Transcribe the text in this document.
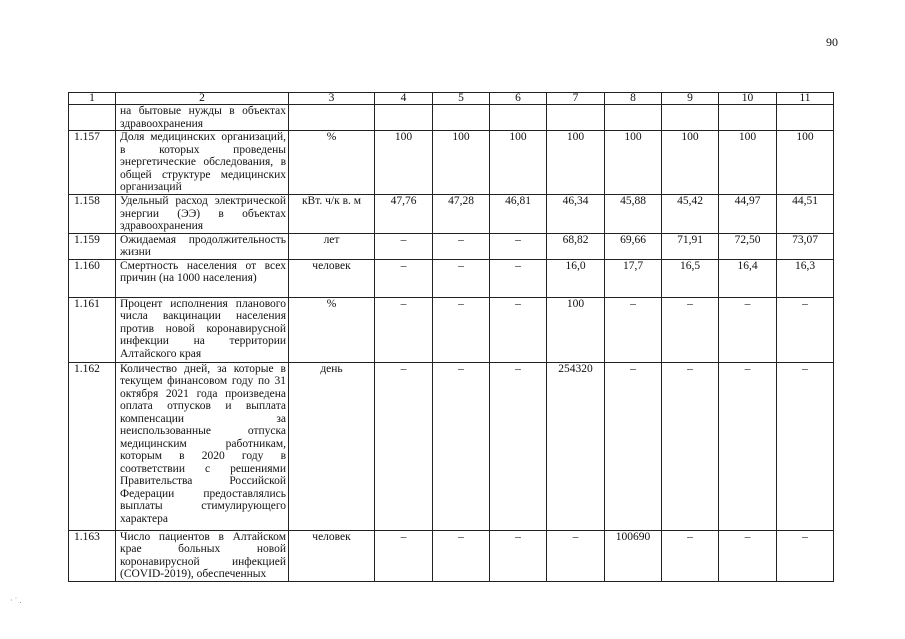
90
1	2	3	4	5	6	7	8	9	10	11
	на бытовые нужды в объектах здравоохранения									
1.157	Доля медицинских организаций, в которых проведены энергетические обследования, в общей структуре медицинских организаций	%	100	100	100	100	100	100	100	100
1.158	Удельный расход электрической энергии (ЭЭ) в объектах здравоохранения	кВт. ч/к в. м	47,76	47,28	46,81	46,34	45,88	45,42	44,97	44,51
1.159	Ожидаемая продолжительность жизни	лет	–	–	–	68,82	69,66	71,91	72,50	73,07
1.160	Смертность населения от всех причин (на 1000 населения)	человек	–	–	–	16,0	17,7	16,5	16,4	16,3
1.161	Процент исполнения планового числа вакцинации населения против новой коронавирусной инфекции на территории Алтайского края	%	–	–	–	100	–	–	–	–
1.162	Количество дней, за которые в текущем финансовом году по 31 октября 2021 года произведена оплата отпусков и выплата компенсации за неиспользованные отпуска медицинским работникам, которым в 2020 году в соответствии с решениями Правительства Российской Федерации предоставлялись выплаты стимулирующего характера	день	–	–	–	254320	–	–	–	–
1.163	Число пациентов в Алтайском крае больных новой коронавирусной инфекцией (COVID-2019), обеспеченных	человек	–	–	–	–	100690	–	–	–
· ˙ .
